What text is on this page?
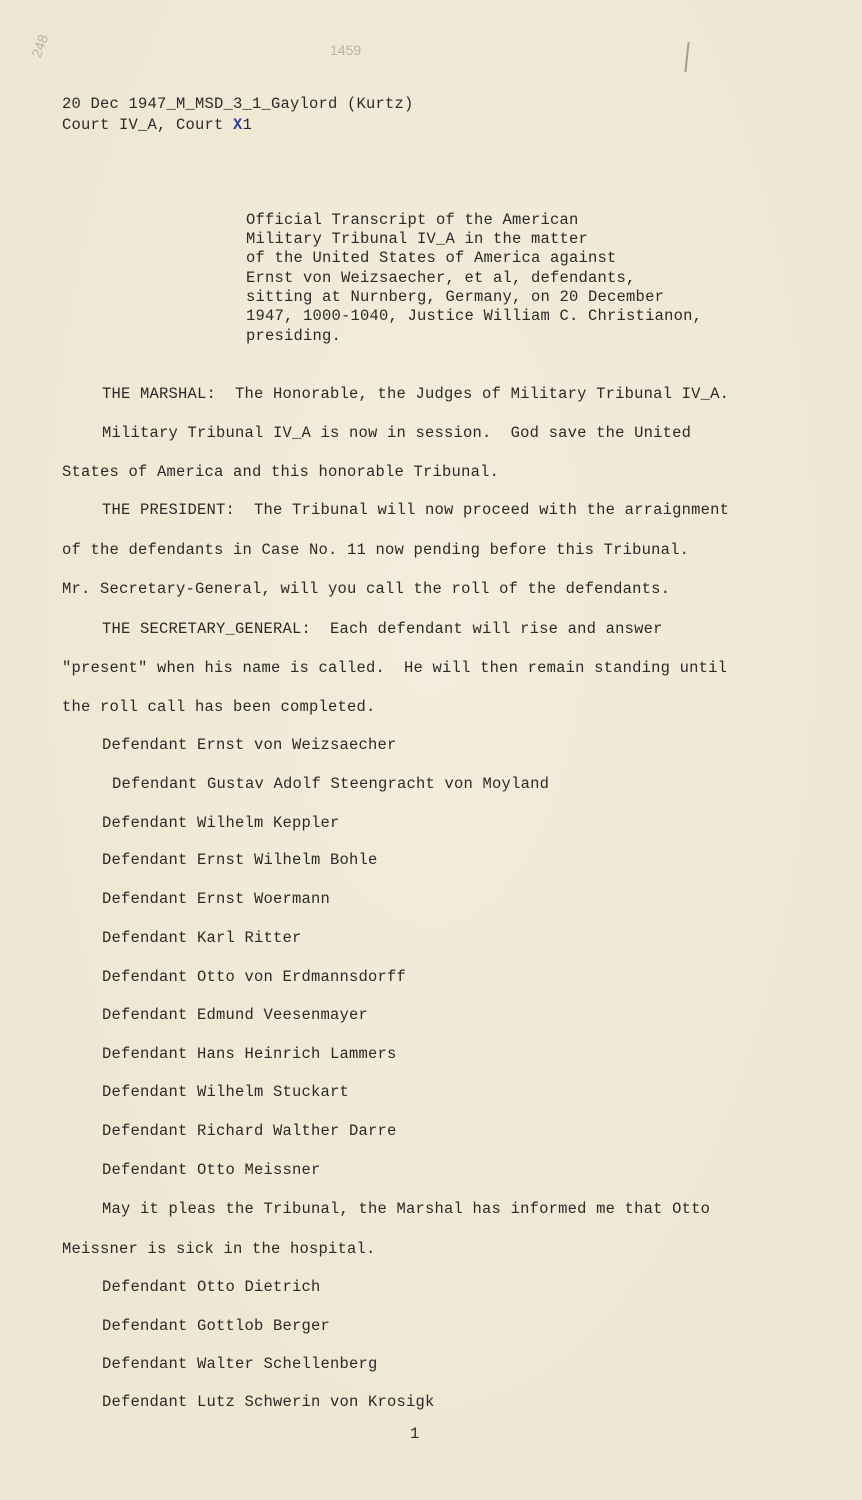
248	1459
20 Dec 1947_M_MSD_3_1_Gaylord (Kurtz)
Court IV_A, Court X1
Official Transcript of the American
Military Tribunal IV_A in the matter
of the United States of America against
Ernst von Weizsaecher, et al, defendants,
sitting at Nurnberg, Germany, on 20 December
1947, 1000-1040, Justice William C. Christianon,
presiding.
THE MARSHAL:  The Honorable, the Judges of Military Tribunal IV_A.
Military Tribunal IV_A is now in session.  God save the United
States of America and this honorable Tribunal.
THE PRESIDENT:  The Tribunal will now proceed with the arraignment
of the defendants in Case No. 11 now pending before this Tribunal.
Mr. Secretary-General, will you call the roll of the defendants.
THE SECRETARY_GENERAL:  Each defendant will rise and answer
"present" when his name is called.  He will then remain standing until
the roll call has been completed.
Defendant Ernst von Weizsaecher
Defendant Gustav Adolf Steengracht von Moyland
Defendant Wilhelm Keppler
Defendant Ernst Wilhelm Bohle
Defendant Ernst Woermann
Defendant Karl Ritter
Defendant Otto von Erdmannsdorff
Defendant Edmund Veesenmayer
Defendant Hans Heinrich Lammers
Defendant Wilhelm Stuckart
Defendant Richard Walther Darre
Defendant Otto Meissner
May it pleas the Tribunal, the Marshal has informed me that Otto
Meissner is sick in the hospital.
Defendant Otto Dietrich
Defendant Gottlob Berger
Defendant Walter Schellenberg
Defendant Lutz Schwerin von Krosigk
1
